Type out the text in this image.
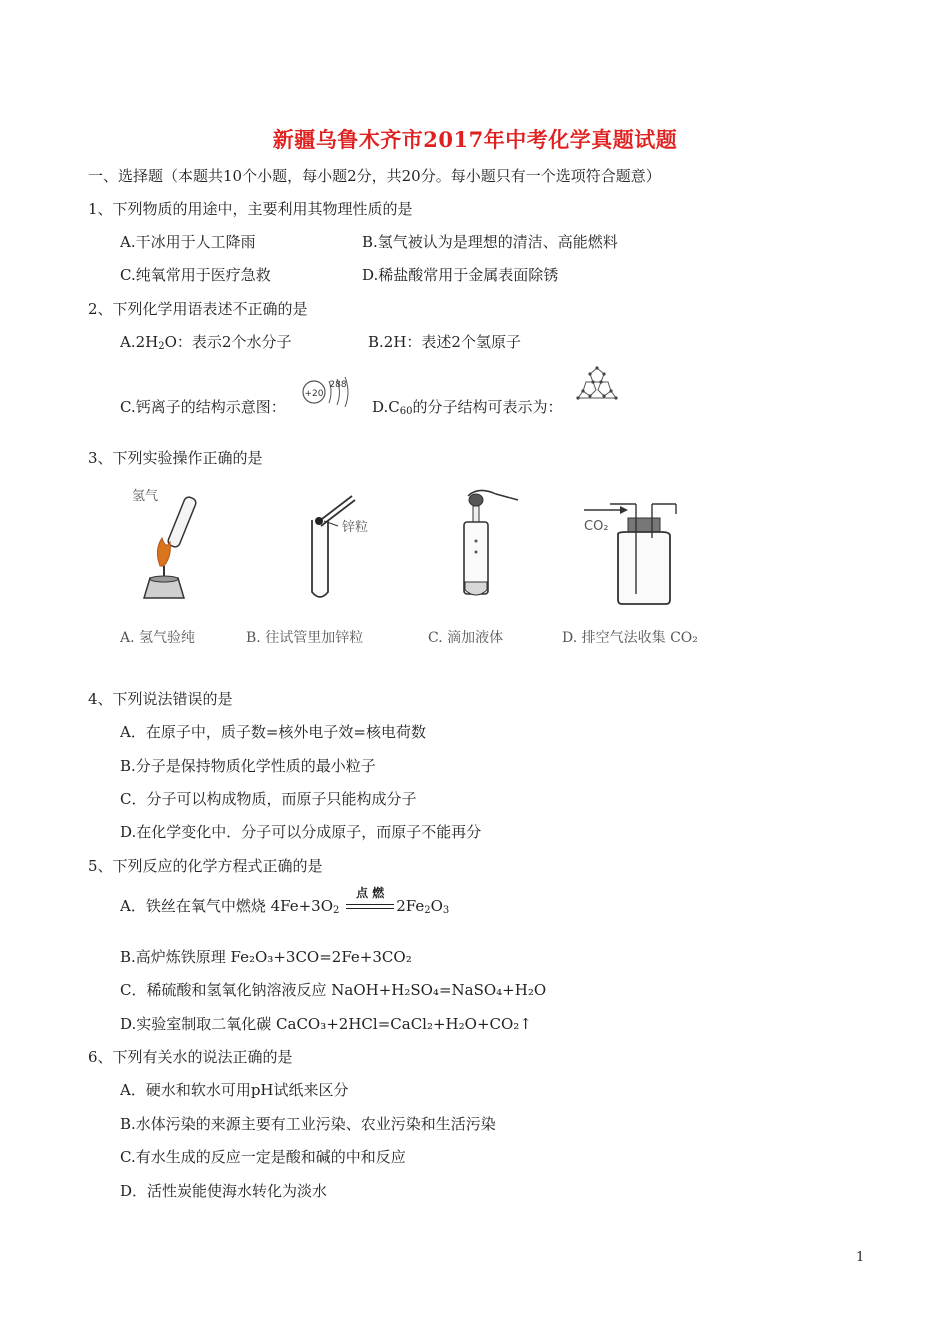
新疆乌鲁木齐市2017年中考化学真题试题
一、选择题（本题共10个小题，每小题2分，共20分。每小题只有一个选项符合题意）
1、下列物质的用途中，主要利用其物理性质的是
A.干冰用于人工降雨	B.氢气被认为是理想的清洁、高能燃料
C.纯氧常用于医疗急救	D.稀盐酸常用于金属表面除锈
2、下列化学用语表述不正确的是
$A.2H_2O$：表示2个水分子	B.2H：表述2个氢原子
C.钙离子的结构示意图：
+20
288
$D.C_{60}$的分子结构可表示为：
3、下列实验操作正确的是
氢气
锌粒	CO₂
A. 氢气验纯	B. 往试管里加锌粒	C. 滴加液体	D. 排空气法收集 CO₂
4、下列说法错误的是
A．在原子中，质子数=核外电子效=核电荷数
B.分子是保持物质化学性质的最小粒子
C．分子可以构成物质，而原子只能构成分子
D.在化学变化中．分子可以分成原子，而原子不能再分
5、下列反应的化学方程式正确的是
A．铁丝在氧气中燃烧 $4Fe+3O_2$
点 燃
$2Fe_2O_3$
B.高炉炼铁原理 Fe₂O₃+3CO=2Fe+3CO₂
C．稀硫酸和氢氧化钠溶液反应 NaOH+H₂SO₄=NaSO₄+H₂O
D.实验室制取二氧化碳 CaCO₃+2HCl=CaCl₂+H₂O+CO₂↑
6、下列有关水的说法正确的是
A．硬水和软水可用pH试纸来区分
B.水体污染的来源主要有工业污染、农业污染和生活污染
C.有水生成的反应一定是酸和碱的中和反应
D．活性炭能使海水转化为淡水
1
